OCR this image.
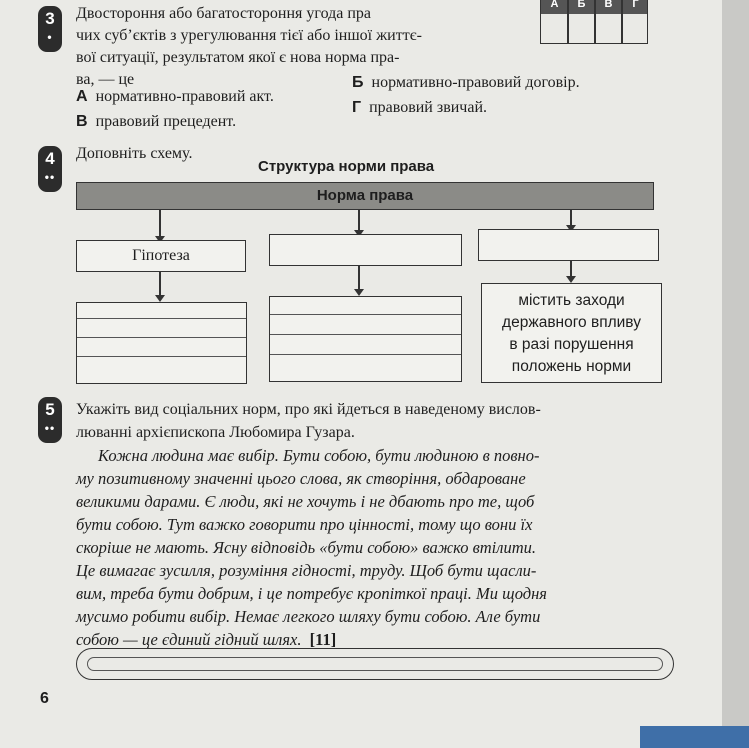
3
•
Двостороння або багатостороння угода пра
чих суб’єктів з урегулювання тієї або іншої життє-
вої ситуації, результатом якої є нова норма пра-
ва, — це
А нормативно-правовий акт.
Б нормативно-правовий договір.
В правовий прецедент.
Г правовий звичай.
А	Б	В	Г
4
••
Доповніть схему.
Структура норми права
Норма права
Гіпотеза
містить заходи
державного впливу
в разі порушення
положень норми
5
••
Укажіть вид соціальних норм, про які йдеться в наведеному вислов-
люванні архієпископа Любомира Гузара.
Кожна людина має вибір. Бути собою, бути людиною в повно-
му позитивному значенні цього слова, як створіння, обдароване
великими дарами. Є люди, які не хочуть і не дбають про те, щоб
бути собою. Тут важко говорити про цінності, тому що вони їх
скоріше не мають. Ясну відповідь «бути собою» важко втілити.
Це вимагає зусилля, розуміння гідності, труду. Щоб бути щасли-
вим, треба бути добрим, і це потребує кропіткої праці. Ми щодня
мусимо робити вибір. Немає легкого шляху бути собою. Але бути
собою — це єдиний гідний шлях. [11]
6
